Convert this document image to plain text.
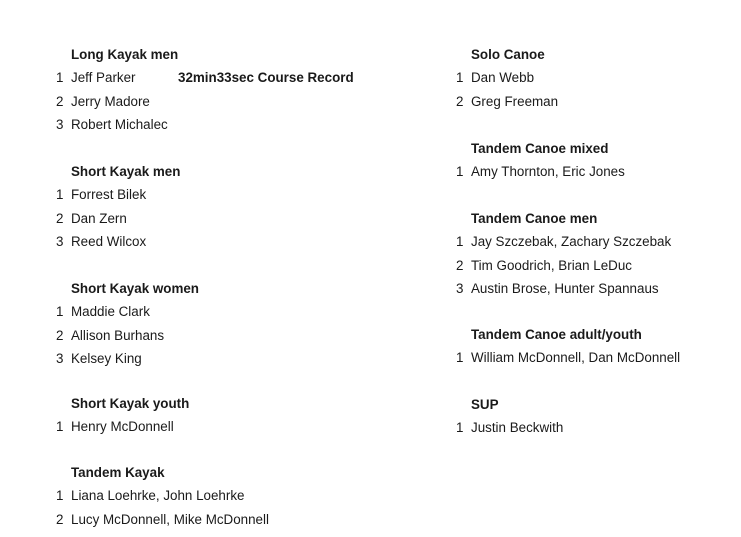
Long Kayak men
1 Jeff Parker	32min33sec Course Record
2 Jerry Madore
3 Robert Michalec
Short Kayak men
1 Forrest Bilek
2 Dan Zern
3 Reed Wilcox
Short Kayak women
1 Maddie Clark
2 Allison Burhans
3 Kelsey King
Short Kayak youth
1 Henry McDonnell
Tandem Kayak
1 Liana Loehrke, John Loehrke
2 Lucy McDonnell, Mike McDonnell
Solo Canoe
1 Dan Webb
2 Greg Freeman
Tandem Canoe mixed
1 Amy Thornton, Eric Jones
Tandem Canoe men
1 Jay Szczebak, Zachary Szczebak
2 Tim Goodrich, Brian LeDuc
3 Austin Brose, Hunter Spannaus
Tandem Canoe adult/youth
1 William McDonnell, Dan McDonnell
SUP
1 Justin Beckwith
